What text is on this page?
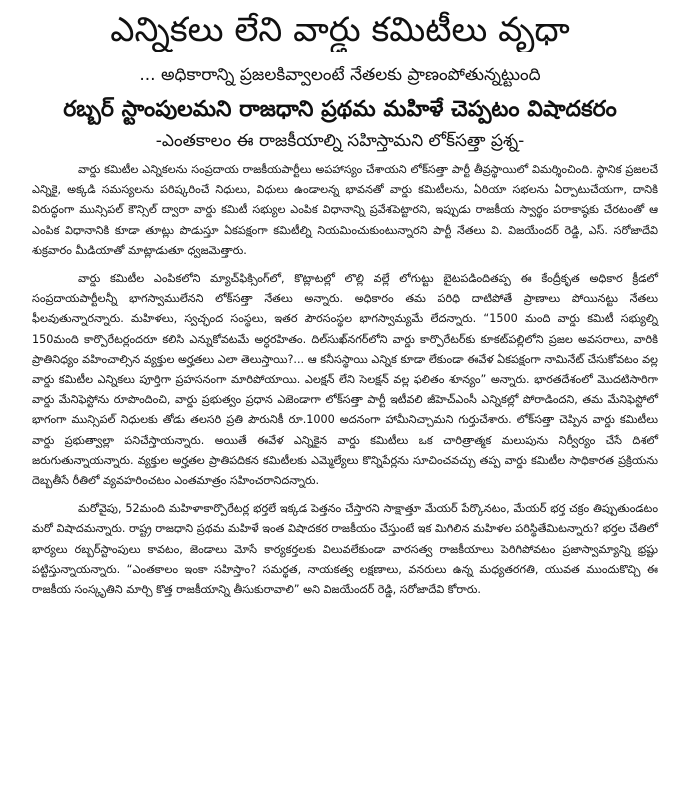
ఎన్నికలు లేని వార్డు కమిటీలు వృధా
... అధికారాన్ని ప్రజలకివ్వాలంటే నేతలకు ప్రాణంపోతున్నట్టుంది
రబ్బర్ స్టాంపులమని రాజధాని ప్రథమ మహిళే చెప్పటం విషాదకరం
-ఎంతకాలం ఈ రాజకీయాల్ని సహిస్తామని లోక్‌సత్తా ప్రశ్న-

వార్డు కమిటీల ఎన్నికలను సంప్రదాయ రాజకీయపార్టీలు అపహాస్యం చేశాయని లోక్‌సత్తా పార్టీ తీవ్రస్థాయిలో విమర్శించింది. స్థానిక ప్రజలచే ఎన్నికై, అక్కడి సమస్యలను పరిష్కరించే నిధులు, విధులు ఉండాలన్న భావనతో వార్డు కమిటీలను, ఏరియా సభలను ఏర్పాటుచేయగా, దానికి విరుద్ధంగా మున్సిపల్ కౌన్సిల్ ద్వారా వార్డు కమిటీ సభ్యుల ఎంపిక విధానాన్ని ప్రవేశపెట్టారని, ఇప్పుడు రాజకీయ స్వార్థం పరాకాష్ఠకు చేరటంతో ఆ ఎంపిక విధానానికి కూడా తూట్లు పొడుస్తూ ఏకపక్షంగా కమిటీల్ని నియమించుకుంటున్నారని పార్టీ నేతలు వి. విజయేందర్ రెడ్డి, ఎస్. సరోజాదేవి శుక్రవారం మీడియాతో మాట్లాడుతూ ధ్వజమెత్తారు.

వార్డు కమిటీల ఎంపికలోని మ్యాచ్‌ఫిక్సింగ్‌లో, కొట్లాటల్లో లొల్లి వల్లే లోగుట్టు బైటపడిందితప్ప ఈ కేంద్రీకృత అధికార క్రీడలో సంప్రదాయపార్టీలన్నీ భాగస్వాములేనని లోక్‌సత్తా నేతలు అన్నారు. అధికారం తమ పరిధి దాటిపోతే ప్రాణాలు పోయినట్టు నేతలు ఫీలవుతున్నారన్నారు. మహిళలు, స్వచ్ఛంద సంస్థలు, ఇతర పౌరసంస్థల భాగస్వామ్యమే లేదన్నారు. “1500 మంది వార్డు కమిటీ సభ్యుల్ని 150మంది కార్పొరేటర్లందరూ కలిసి ఎన్నుకోవటమే అర్ధరహితం. దిల్‌సుఖ్‌నగర్‌లోని వార్డు కార్పొరేటర్‌కు కూకట్‌పల్లిలోని ప్రజల అవసరాలు, వారికి ప్రాతినిధ్యం వహించాల్సిన వ్యక్తుల అర్హతలు ఎలా తెలుస్తాయి?... ఆ కనీసస్థాయి ఎన్నిక కూడా లేకుండా ఈవేళ ఏకపక్షంగా నామినేట్ చేసుకోవటం వల్ల వార్డు కమిటీల ఎన్నికలు పూర్తిగా ప్రహసనంగా మారిపోయాయి. ఎలక్షన్ లేని సెలక్షన్ వల్ల ఫలితం శూన్యం” అన్నారు. భారతదేశంలో మొదటిసారిగా వార్డు మేనిఫెస్టోను రూపొందించి, వార్డు ప్రభుత్వం ప్రధాన ఎజెండాగా లోక్‌సత్తా పార్టీ ఇటీవలి జీహెచ్ఎంసీ ఎన్నికల్లో పోరాడిందని, తమ మేనిఫెస్టోలో భాగంగా మున్సిపల్ నిధులకు తోడు తలసరి ప్రతి పౌరునికీ రూ.1000 అదనంగా హామీనిచ్చామని గుర్తుచేశారు. లోక్‌సత్తా చెప్పిన వార్డు కమిటీలు వార్డు ప్రభుత్వాల్లా పనిచేస్తాయన్నారు. అయితే ఈవేళ ఎన్నికైన వార్డు కమిటీలు ఒక చారిత్రాత్మక మలుపును నిర్వీర్యం చేసే దిశలో జరుగుతున్నాయన్నారు. వ్యక్తుల అర్హతల ప్రాతిపదికన కమిటీలకు ఎమ్మెల్యేలు కొన్నిపేర్లను సూచించవచ్చు తప్ప వార్డు కమిటీల సాధికారత ప్రక్రియను దెబ్బతీసే రీతిలో వ్యవహరించటం ఎంతమాత్రం సహించరానిదన్నారు.

మరోవైపు, 52మంది మహిళాకార్పొరేటర్ల భర్తలే ఇక్కడ పెత్తనం చేస్తారని సాక్షాత్తూ మేయర్ పేర్కొనటం, మేయర్ భర్త చక్రం తిప్పుతుండటం మరో విషాదమన్నారు. రాష్ట్ర రాజధాని ప్రథమ మహిళే ఇంత విషాదకర రాజకీయం చేస్తుంటే ఇక మిగిలిన మహిళల పరిస్థితేమిటన్నారు? భర్తల చేతిలో భార్యలు రబ్బర్‌స్టాంపులు కావటం, జెండాలు మోసే కార్యకర్తలకు విలువలేకుండా వారసత్వ రాజకీయాలు పెరిగిపోవటం ప్రజాస్వామ్యాన్ని భ్రష్టు పట్టిస్తున్నాయన్నారు. “ఎంతకాలం ఇంకా సహిస్తాం? సమర్థత, నాయకత్వ లక్షణాలు, వనరులు ఉన్న మధ్యతరగతి, యువత ముందుకొచ్చి ఈ రాజకీయ సంస్కృతిని మార్చి కొత్త రాజకీయాన్ని తీసుకురావాలి” అని విజయేందర్ రెడ్డి, సరోజాదేవి కోరారు.
